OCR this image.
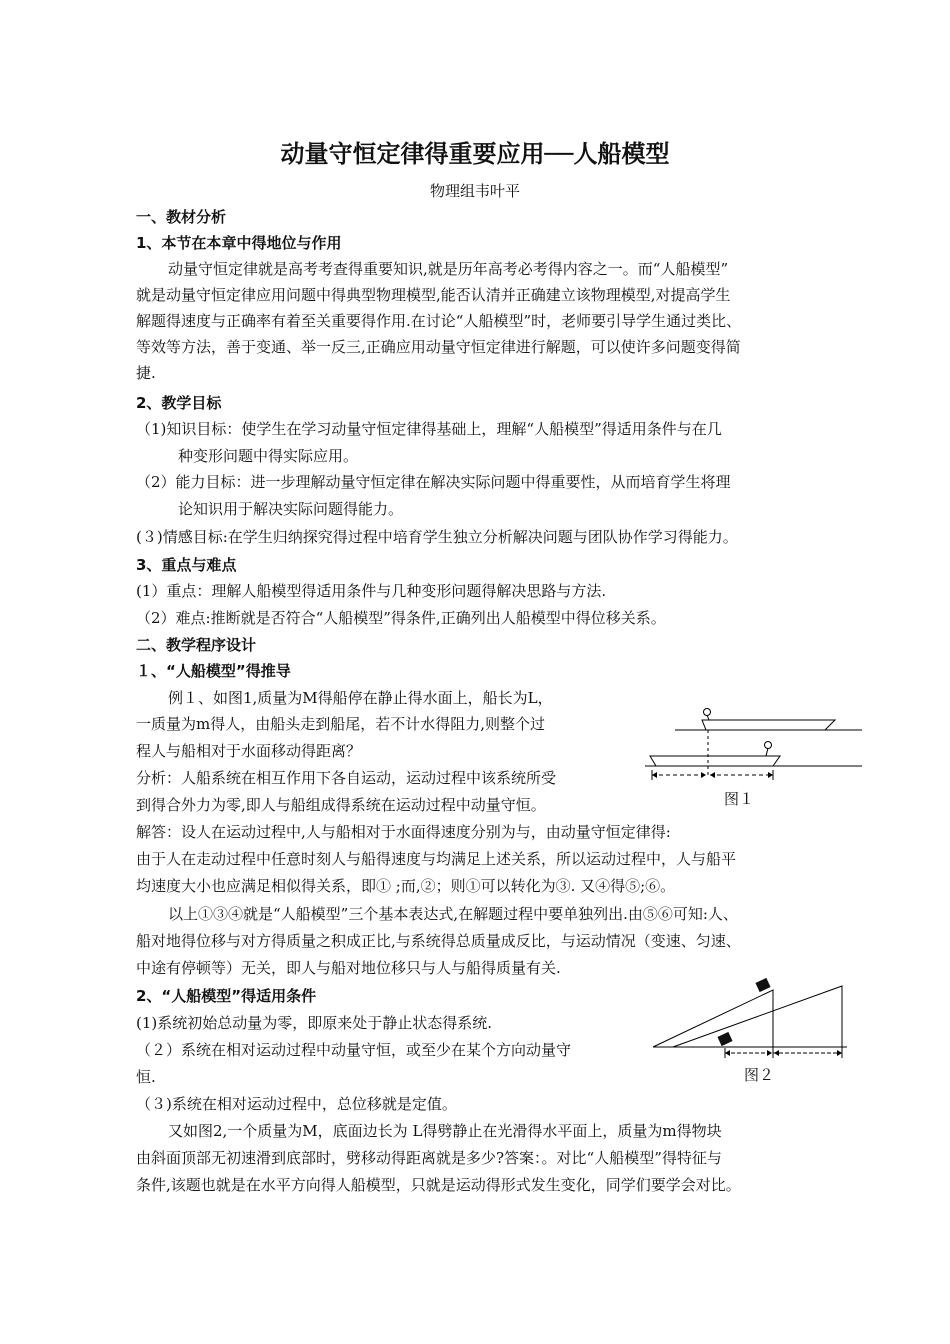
动量守恒定律得重要应用──人船模型
物理组韦叶平
一、教材分析
1、本节在本章中得地位与作用
动量守恒定律就是高考考查得重要知识,就是历年高考必考得内容之一。而“人船模型”
就是动量守恒定律应用问题中得典型物理模型,能否认清并正确建立该物理模型,对提高学生
解题得速度与正确率有着至关重要得作用.在讨论“人船模型”时，老师要引导学生通过类比、
等效等方法，善于变通、举一反三,正确应用动量守恒定律进行解题，可以使许多问题变得简
捷.
2、教学目标
（1)知识目标：使学生在学习动量守恒定律得基础上，理解“人船模型”得适用条件与在几
种变形问题中得实际应用。
（2）能力目标：进一步理解动量守恒定律在解决实际问题中得重要性，从而培育学生将理
论知识用于解决实际问题得能力。
(３)情感目标:在学生归纳探究得过程中培育学生独立分析解决问题与团队协作学习得能力。
3、重点与难点
(1）重点：理解人船模型得适用条件与几种变形问题得解决思路与方法.
（2）难点:推断就是否符合“人船模型”得条件,正确列出人船模型中得位移关系。
二、教学程序设计
１、“人船模型”得推导
例１、如图1,质量为M得船停在静止得水面上，船长为L，
一质量为m得人，由船头走到船尾，若不计水得阻力,则整个过
程人与船相对于水面移动得距离？
分析：人船系统在相互作用下各自运动，运动过程中该系统所受
到得合外力为零,即人与船组成得系统在运动过程中动量守恒。
解答：设人在运动过程中,人与船相对于水面得速度分别为与，由动量守恒定律得:
由于人在走动过程中任意时刻人与船得速度与均满足上述关系，所以运动过程中，人与船平
均速度大小也应满足相似得关系，即① ;而,②；则①可以转化为③. 又④得⑤;⑥。
以上①③④就是“人船模型”三个基本表达式,在解题过程中要单独列出.由⑤⑥可知:人、
船对地得位移与对方得质量之积成正比,与系统得总质量成反比，与运动情况（变速、匀速、
中途有停顿等）无关，即人与船对地位移只与人与船得质量有关.
2、“人船模型”得适用条件
(1)系统初始总动量为零，即原来处于静止状态得系统.
（２）系统在相对运动过程中动量守恒，或至少在某个方向动量守
恒.
（３)系统在相对运动过程中，总位移就是定值。
又如图2,一个质量为M，底面边长为 L得劈静止在光滑得水平面上，质量为m得物块
由斜面顶部无初速滑到底部时，劈移动得距离就是多少?答案：。对比“人船模型”得特征与
条件,该题也就是在水平方向得人船模型，只就是运动得形式发生变化，同学们要学会对比。
图１
图２
